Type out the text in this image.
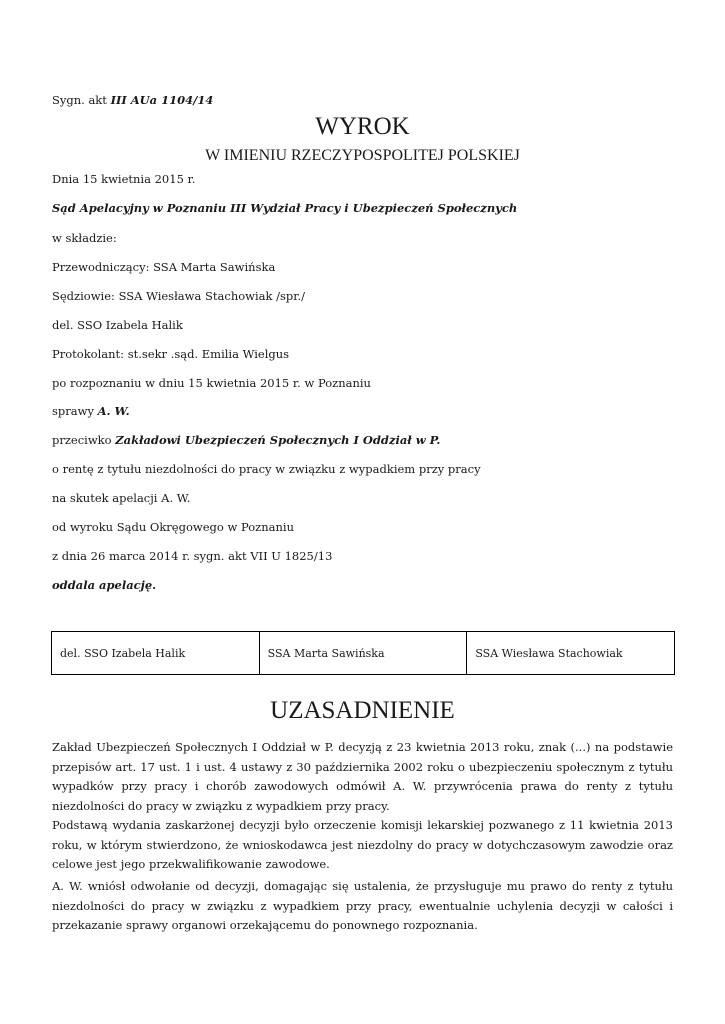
Sygn. akt III AUa 1104/14
WYROK
W IMIENIU RZECZYPOSPOLITEJ POLSKIEJ
Dnia 15 kwietnia 2015 r.
Sąd Apelacyjny w Poznaniu III Wydział Pracy i Ubezpieczeń Społecznych
w składzie:
Przewodniczący: SSA Marta Sawińska
Sędziowie: SSA Wiesława Stachowiak /spr./
del. SSO Izabela Halik
Protokolant: st.sekr .sąd. Emilia Wielgus
po rozpoznaniu w dniu 15 kwietnia 2015 r. w Poznaniu
sprawy A. W.
przeciwko Zakładowi Ubezpieczeń Społecznych I Oddział w P.
o rentę z tytułu niezdolności do pracy w związku z wypadkiem przy pracy
na skutek apelacji A. W.
od wyroku Sądu Okręgowego w Poznaniu
z dnia 26 marca 2014 r. sygn. akt VII U 1825/13
oddala apelację.
del. SSO Izabela Halik	SSA Marta Sawińska	SSA Wiesława Stachowiak
UZASADNIENIE

Zakład Ubezpieczeń Społecznych I Oddział w P. decyzją z 23 kwietnia 2013 roku, znak (...) na podstawie przepisów art. 17 ust. 1 i ust. 4 ustawy z 30 października 2002 roku o ubezpieczeniu społecznym z tytułu wypadków przy pracy i chorób zawodowych odmówił A. W. przywrócenia prawa do renty z tytułu niezdolności do pracy w związku z wypadkiem przy pracy.

Podstawą wydania zaskarżonej decyzji było orzeczenie komisji lekarskiej pozwanego z 11 kwietnia 2013 roku, w którym stwierdzono, że wnioskodawca jest niezdolny do pracy w dotychczasowym zawodzie oraz celowe jest jego przekwalifikowanie zawodowe.

A. W. wniósł odwołanie od decyzji, domagając się ustalenia, że przysługuje mu prawo do renty z tytułu niezdolności do pracy w związku z wypadkiem przy pracy, ewentualnie uchylenia decyzji w całości i przekazanie sprawy organowi orzekającemu do ponownego rozpoznania.
